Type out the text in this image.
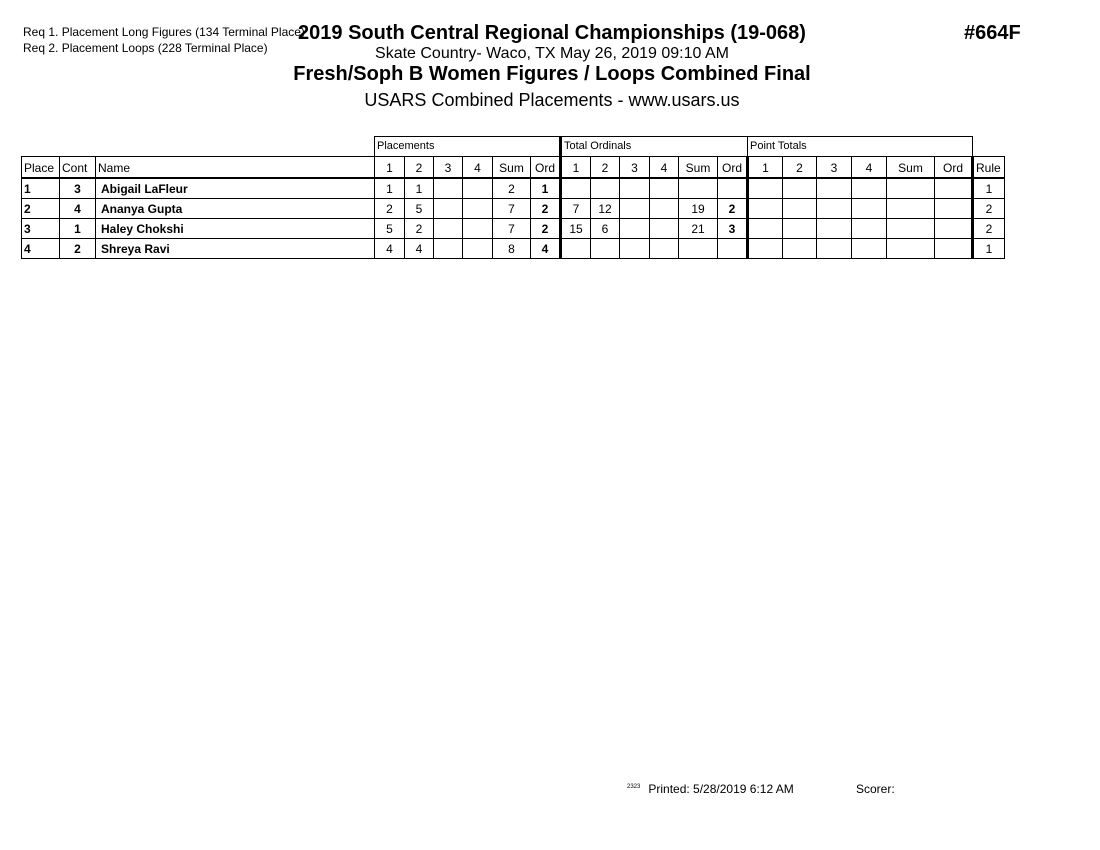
Req 1. Placement Long Figures (134 Terminal Place)
Req 2. Placement Loops (228 Terminal Place)
2019 South Central Regional Championships (19-068)
Skate Country- Waco, TX May 26, 2019 09:10 AM
Fresh/Soph B Women Figures / Loops Combined Final
USARS Combined Placements - www.usars.us
#664F
			Placements						Total Ordinals						Point Totals						
Place	Cont	Name	1	2	3	4	Sum	Ord	1	2	3	4	Sum	Ord	1	2	3	4	Sum	Ord	Rule
1	3	Abigail LaFleur	1	1			2	1													1
2	4	Ananya Gupta	2	5			7	2	7	12			19	2							2
3	1	Haley Chokshi	5	2			7	2	15	6			21	3							2
4	2	Shreya Ravi	4	4			8	4													1
$^{2323}$ Printed: 5/28/2019 6:12 AM	Scorer:
